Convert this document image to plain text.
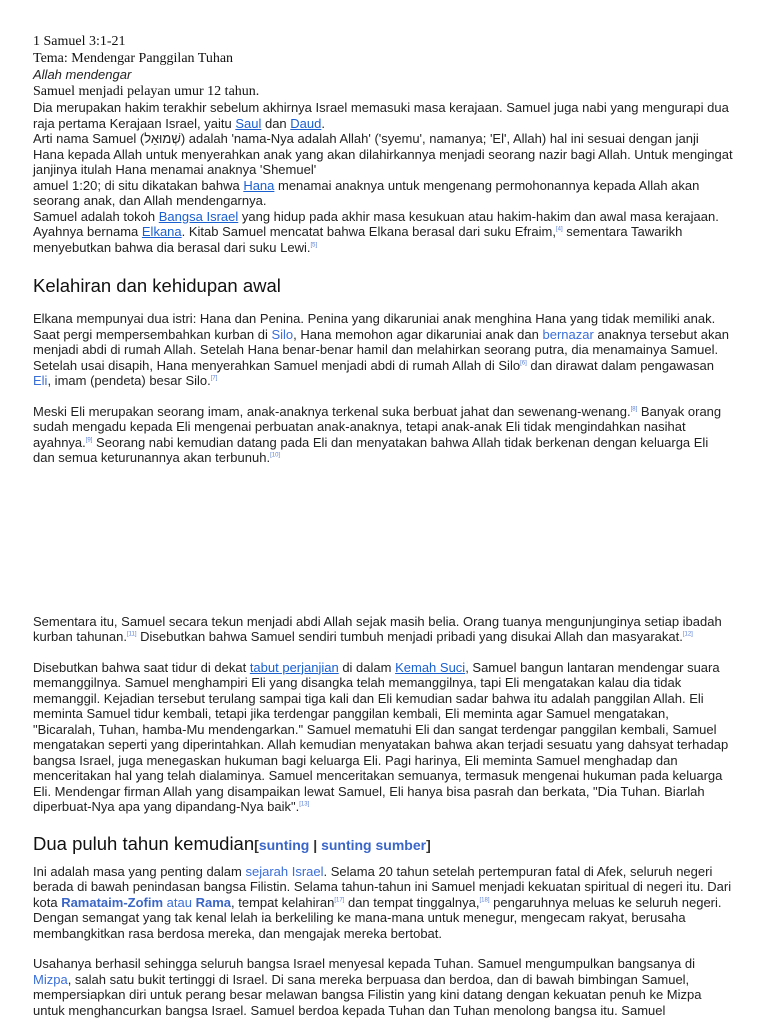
1 Samuel 3:1-21
Tema: Mendengar Panggilan Tuhan
Allah mendengar
Samuel menjadi pelayan umur 12 tahun.

Dia merupakan hakim terakhir sebelum akhirnya Israel memasuki masa kerajaan. Samuel juga nabi yang mengurapi dua raja pertama Kerajaan Israel, yaitu Saul dan Daud.

Arti nama Samuel (שְׁמוּאֵל) adalah 'nama-Nya adalah Allah' ('syemu', namanya; 'El', Allah) hal ini sesuai dengan janji Hana kepada Allah untuk menyerahkan anak yang akan dilahirkannya menjadi seorang nazir bagi Allah. Untuk mengingat janjinya itulah Hana menamai anaknya 'Shemuel'

amuel 1:20; di situ dikatakan bahwa Hana menamai anaknya untuk mengenang permohonannya kepada Allah akan seorang anak, dan Allah mendengarnya.

Samuel adalah tokoh Bangsa Israel yang hidup pada akhir masa kesukuan atau hakim-hakim dan awal masa kerajaan. Ayahnya bernama Elkana. Kitab Samuel mencatat bahwa Elkana berasal dari suku Efraim,[4] sementara Tawarikh menyebutkan bahwa dia berasal dari suku Lewi.[5]

Kelahiran dan kehidupan awal

Elkana mempunyai dua istri: Hana dan Penina. Penina yang dikaruniai anak menghina Hana yang tidak memiliki anak. Saat pergi mempersembahkan kurban di Silo, Hana memohon agar dikaruniai anak dan bernazar anaknya tersebut akan menjadi abdi di rumah Allah. Setelah Hana benar-benar hamil dan melahirkan seorang putra, dia menamainya Samuel. Setelah usai disapih, Hana menyerahkan Samuel menjadi abdi di rumah Allah di Silo[6] dan dirawat dalam pengawasan Eli, imam (pendeta) besar Silo.[7]

Meski Eli merupakan seorang imam, anak-anaknya terkenal suka berbuat jahat dan sewenang-wenang.[8] Banyak orang sudah mengadu kepada Eli mengenai perbuatan anak-anaknya, tetapi anak-anak Eli tidak mengindahkan nasihat ayahnya.[9] Seorang nabi kemudian datang pada Eli dan menyatakan bahwa Allah tidak berkenan dengan keluarga Eli dan semua keturunannya akan terbunuh.[10]

Sementara itu, Samuel secara tekun menjadi abdi Allah sejak masih belia. Orang tuanya mengunjunginya setiap ibadah kurban tahunan.[11] Disebutkan bahwa Samuel sendiri tumbuh menjadi pribadi yang disukai Allah dan masyarakat.[12]

Disebutkan bahwa saat tidur di dekat tabut perjanjian di dalam Kemah Suci, Samuel bangun lantaran mendengar suara memanggilnya. Samuel menghampiri Eli yang disangka telah memanggilnya, tapi Eli mengatakan kalau dia tidak memanggil. Kejadian tersebut terulang sampai tiga kali dan Eli kemudian sadar bahwa itu adalah panggilan Allah. Eli meminta Samuel tidur kembali, tetapi jika terdengar panggilan kembali, Eli meminta agar Samuel mengatakan, "Bicaralah, Tuhan, hamba-Mu mendengarkan." Samuel mematuhi Eli dan sangat terdengar panggilan kembali, Samuel mengatakan seperti yang diperintahkan. Allah kemudian menyatakan bahwa akan terjadi sesuatu yang dahsyat terhadap bangsa Israel, juga menegaskan hukuman bagi keluarga Eli. Pagi harinya, Eli meminta Samuel menghadap dan menceritakan hal yang telah dialaminya. Samuel menceritakan semuanya, termasuk mengenai hukuman pada keluarga Eli. Mendengar firman Allah yang disampaikan lewat Samuel, Eli hanya bisa pasrah dan berkata, "Dia Tuhan. Biarlah diperbuat-Nya apa yang dipandang-Nya baik".[13]

Dua puluh tahun kemudian[sunting | sunting sumber]

Ini adalah masa yang penting dalam sejarah Israel. Selama 20 tahun setelah pertempuran fatal di Afek, seluruh negeri berada di bawah penindasan bangsa Filistin. Selama tahun-tahun ini Samuel menjadi kekuatan spiritual di negeri itu. Dari kota Ramataim-Zofim atau Rama, tempat kelahiran[17] dan tempat tinggalnya,[18] pengaruhnya meluas ke seluruh negeri. Dengan semangat yang tak kenal lelah ia berkeliling ke mana-mana untuk menegur, mengecam rakyat, berusaha membangkitkan rasa berdosa mereka, dan mengajak mereka bertobat.

Usahanya berhasil sehingga seluruh bangsa Israel menyesal kepada Tuhan. Samuel mengumpulkan bangsanya di Mizpa, salah satu bukit tertinggi di Israel. Di sana mereka berpuasa dan berdoa, dan di bawah bimbingan Samuel, mempersiapkan diri untuk perang besar melawan bangsa Filistin yang kini datang dengan kekuatan penuh ke Mizpa untuk menghancurkan bangsa Israel. Samuel berdoa kepada Tuhan dan Tuhan menolong bangsa itu. Samuel
